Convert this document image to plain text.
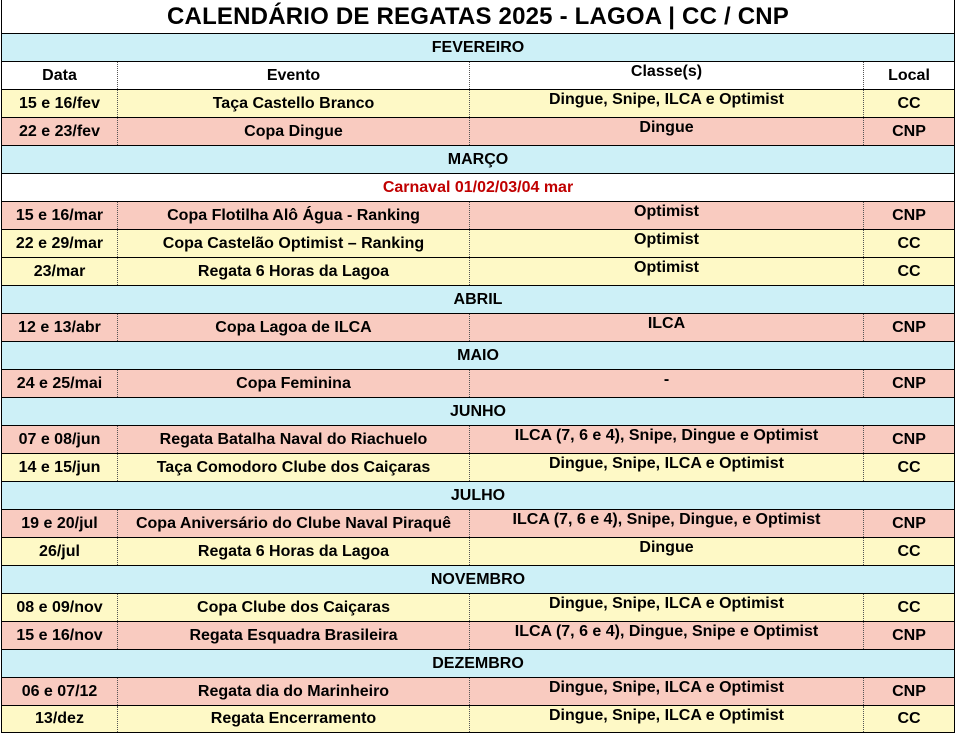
CALENDÁRIO DE REGATAS 2025 - LAGOA | CC / CNP
FEVEREIRO
Data	Evento	Classe(s)	Local
15 e 16/fev	Taça Castello Branco	Dingue, Snipe, ILCA e Optimist	CC
22 e 23/fev	Copa Dingue	Dingue	CNP
MARÇO
Carnaval 01/02/03/04 mar
15 e 16/mar	Copa Flotilha Alô Água - Ranking	Optimist	CNP
22 e 29/mar	Copa Castelão Optimist – Ranking	Optimist	CC
23/mar	Regata 6 Horas da Lagoa	Optimist	CC
ABRIL
12 e 13/abr	Copa Lagoa de ILCA	ILCA	CNP
MAIO
24 e 25/mai	Copa Feminina	-	CNP
JUNHO
07 e 08/jun	Regata Batalha Naval do Riachuelo	ILCA (7, 6 e 4), Snipe, Dingue e Optimist	CNP
14 e 15/jun	Taça Comodoro Clube dos Caiçaras	Dingue, Snipe, ILCA e Optimist	CC
JULHO
19 e 20/jul	Copa Aniversário do Clube Naval Piraquê	ILCA (7, 6 e 4), Snipe, Dingue, e Optimist	CNP
26/jul	Regata 6 Horas da Lagoa	Dingue	CC
NOVEMBRO
08 e 09/nov	Copa Clube dos Caiçaras	Dingue, Snipe, ILCA e Optimist	CC
15 e 16/nov	Regata Esquadra Brasileira	ILCA (7, 6 e 4), Dingue, Snipe e Optimist	CNP
DEZEMBRO
06 e 07/12	Regata dia do Marinheiro	Dingue, Snipe, ILCA e Optimist	CNP
13/dez	Regata Encerramento	Dingue, Snipe, ILCA e Optimist	CC
